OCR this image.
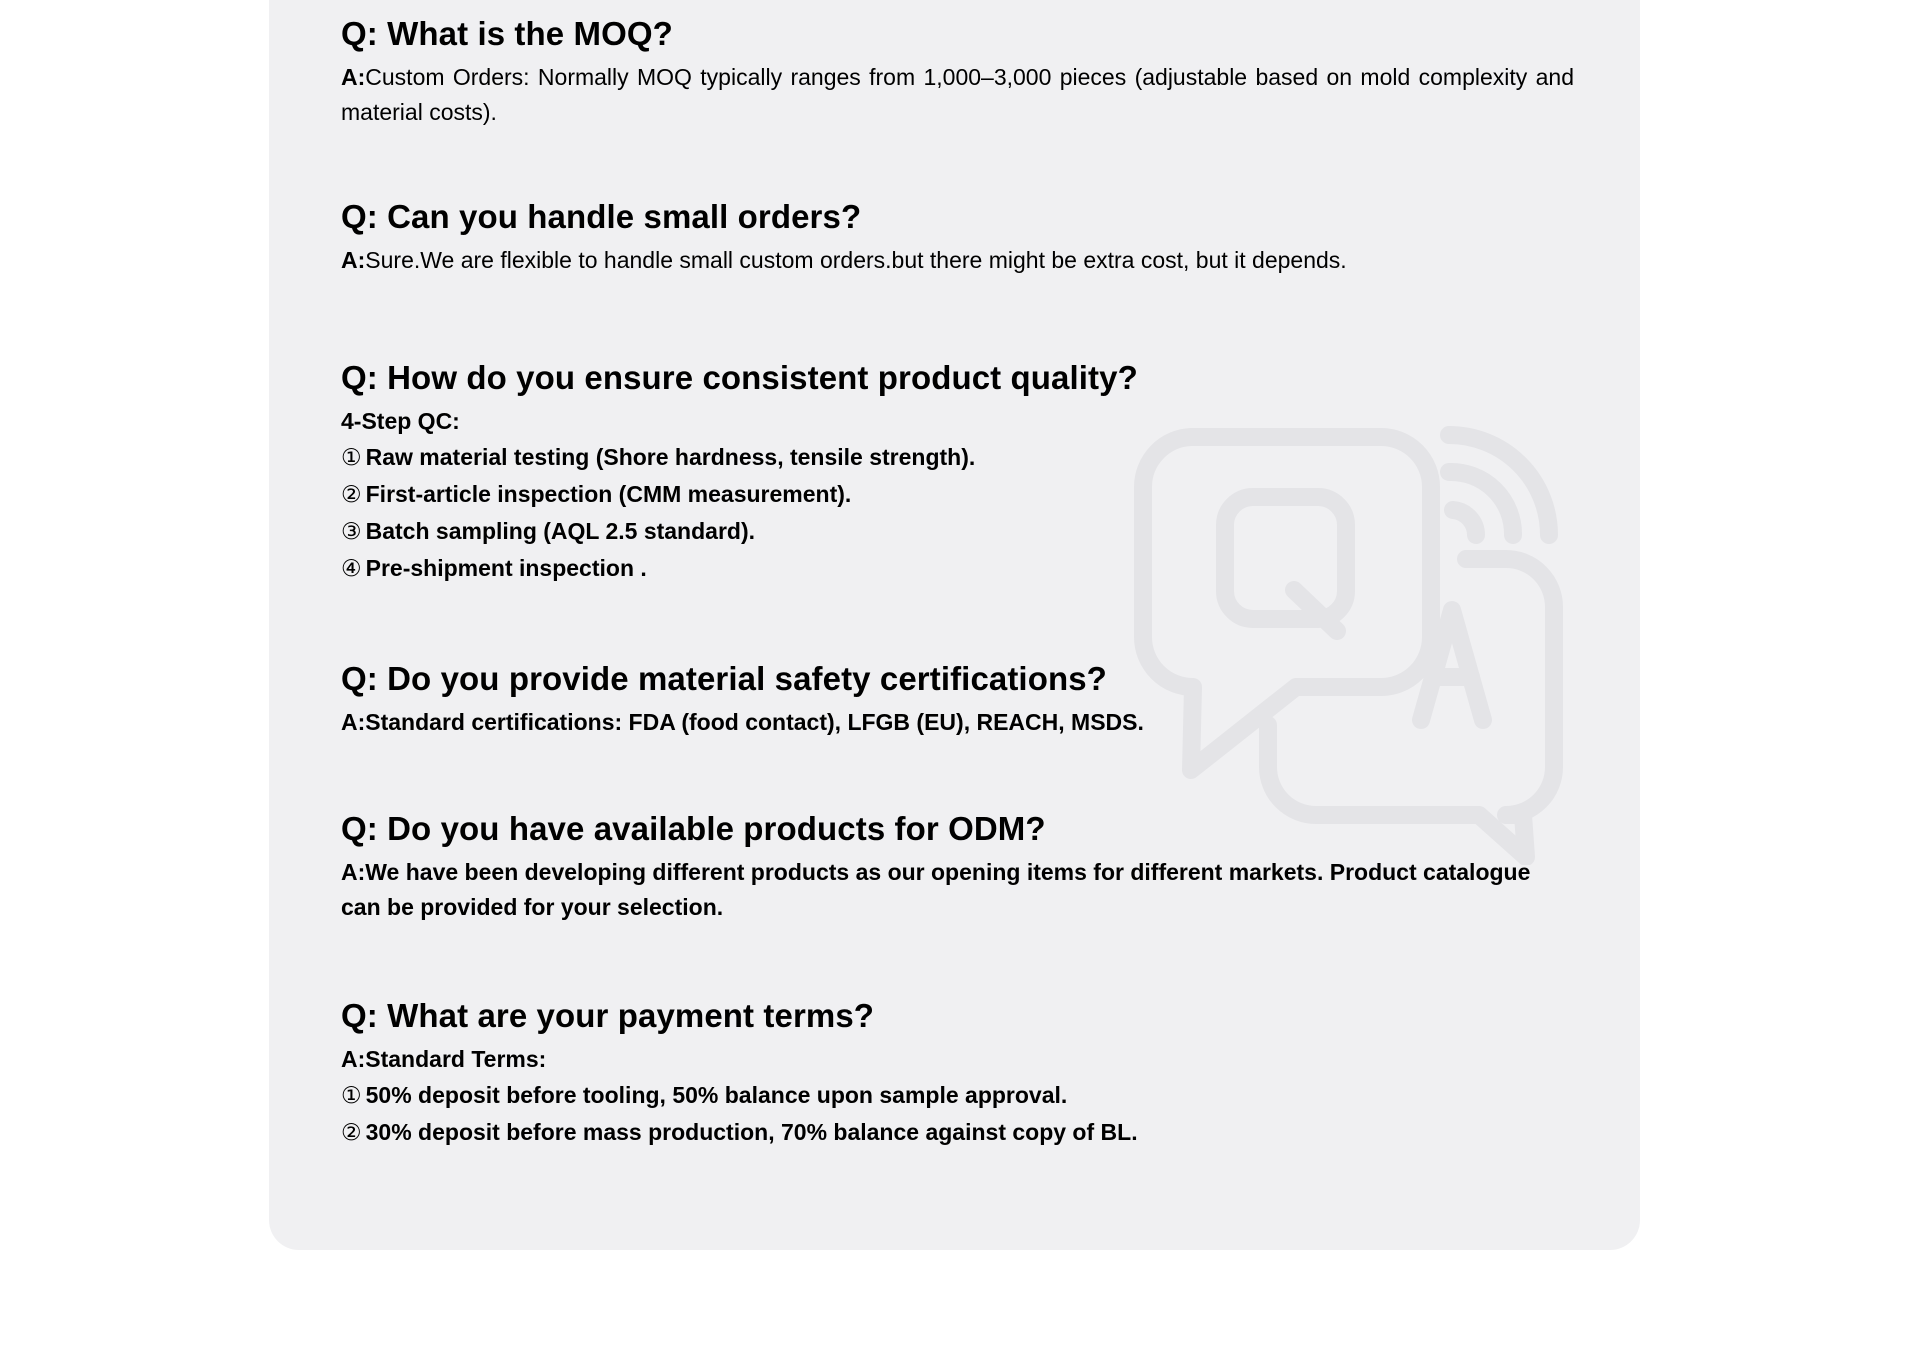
Q: What is the MOQ?
A:Custom Orders: Normally MOQ typically ranges from 1,000–3,000 pieces (adjustable based on mold complexity and material costs).
Q: Can you handle small orders?
A:Sure.We are flexible to handle small custom orders.but there might be extra cost, but it depends.
Q: How do you ensure consistent product quality?
4-Step QC:
① Raw material testing (Shore hardness, tensile strength).
② First-article inspection (CMM measurement).
③ Batch sampling (AQL 2.5 standard).
④ Pre-shipment inspection .
Q: Do you provide material safety certifications?
A:Standard certifications: FDA (food contact), LFGB (EU), REACH, MSDS.
Q: Do you have available products for ODM?
A:We have been developing different products as our opening items for different markets. Product catalogue can be provided for your selection.
Q: What are your payment terms?
A:Standard Terms:
① 50% deposit before tooling, 50% balance upon sample approval.
② 30% deposit before mass production, 70% balance against copy of BL.
